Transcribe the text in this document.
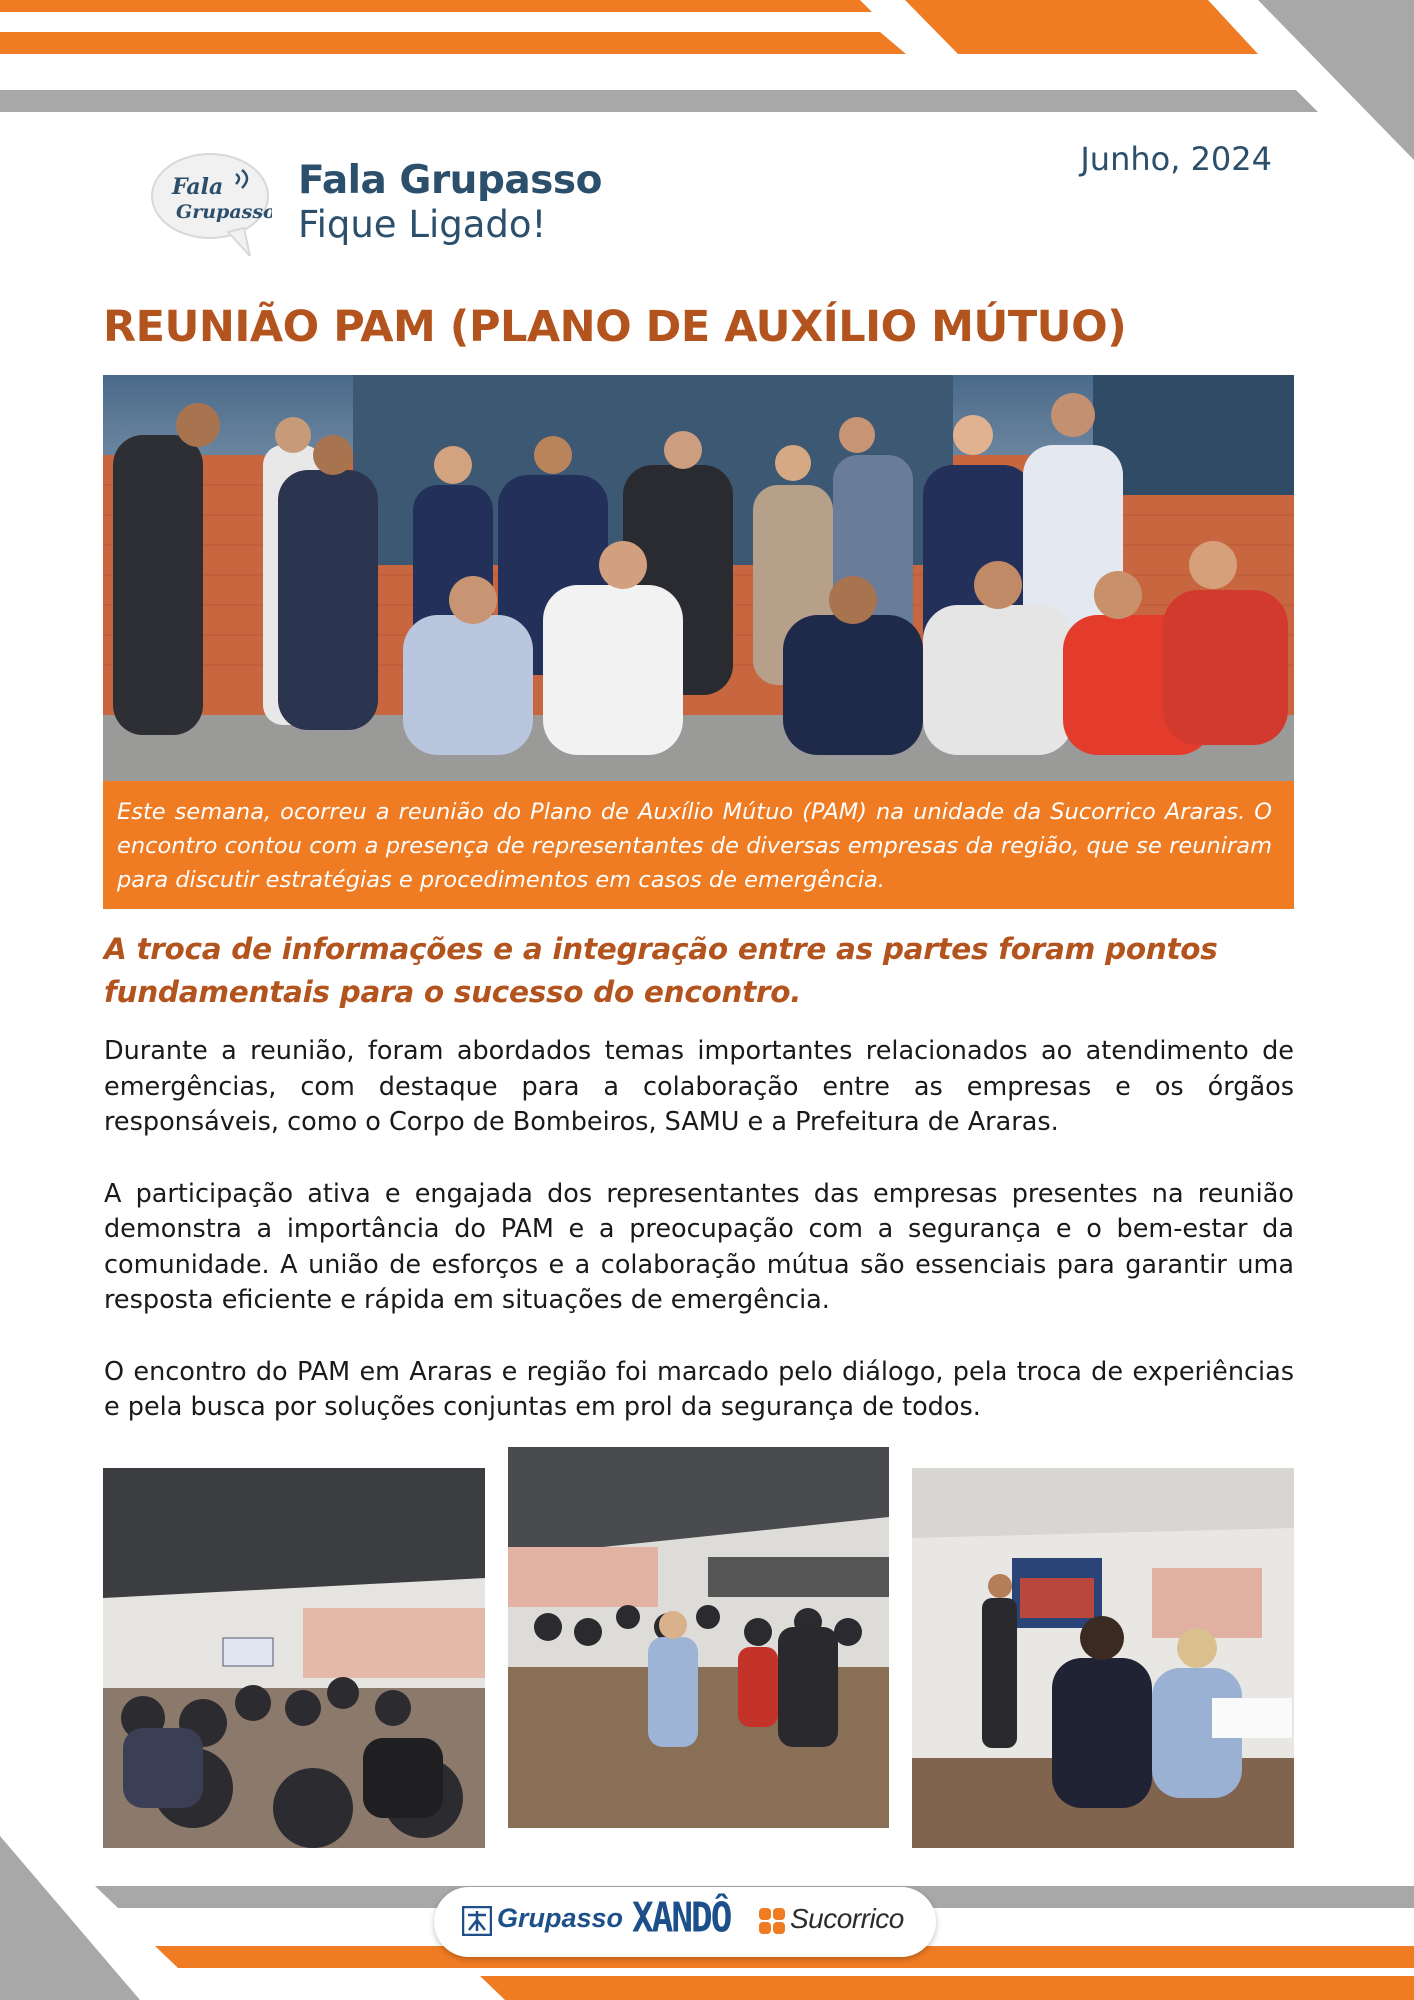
Fala
Grupasso
Fala Grupasso
Fique Ligado!
Junho, 2024
REUNIÃO PAM (PLANO DE AUXÍLIO MÚTUO)

Este semana, ocorreu a reunião do Plano de Auxílio Mútuo (PAM) na unidade da Sucorrico Araras. O encontro contou com a presença de representantes de diversas empresas da região, que se reuniram para discutir estratégias e procedimentos em casos de emergência.

A troca de informações e a integração entre as partes foram pontos fundamentais para o sucesso do encontro.

Durante a reunião, foram abordados temas importantes relacionados ao atendimento de emergências, com destaque para a colaboração entre as empresas e os órgãos responsáveis, como o Corpo de Bombeiros, SAMU e a Prefeitura de Araras.

A participação ativa e engajada dos representantes das empresas presentes na reunião demonstra a importância do PAM e a preocupação com a segurança e o bem-estar da comunidade. A união de esforços e a colaboração mútua são essenciais para garantir uma resposta eficiente e rápida em situações de emergência.

O encontro do PAM em Araras e região foi marcado pelo diálogo, pela troca de experiências e pela busca por soluções conjuntas em prol da segurança de todos.

Grupasso XANDÔ Sucorrico
